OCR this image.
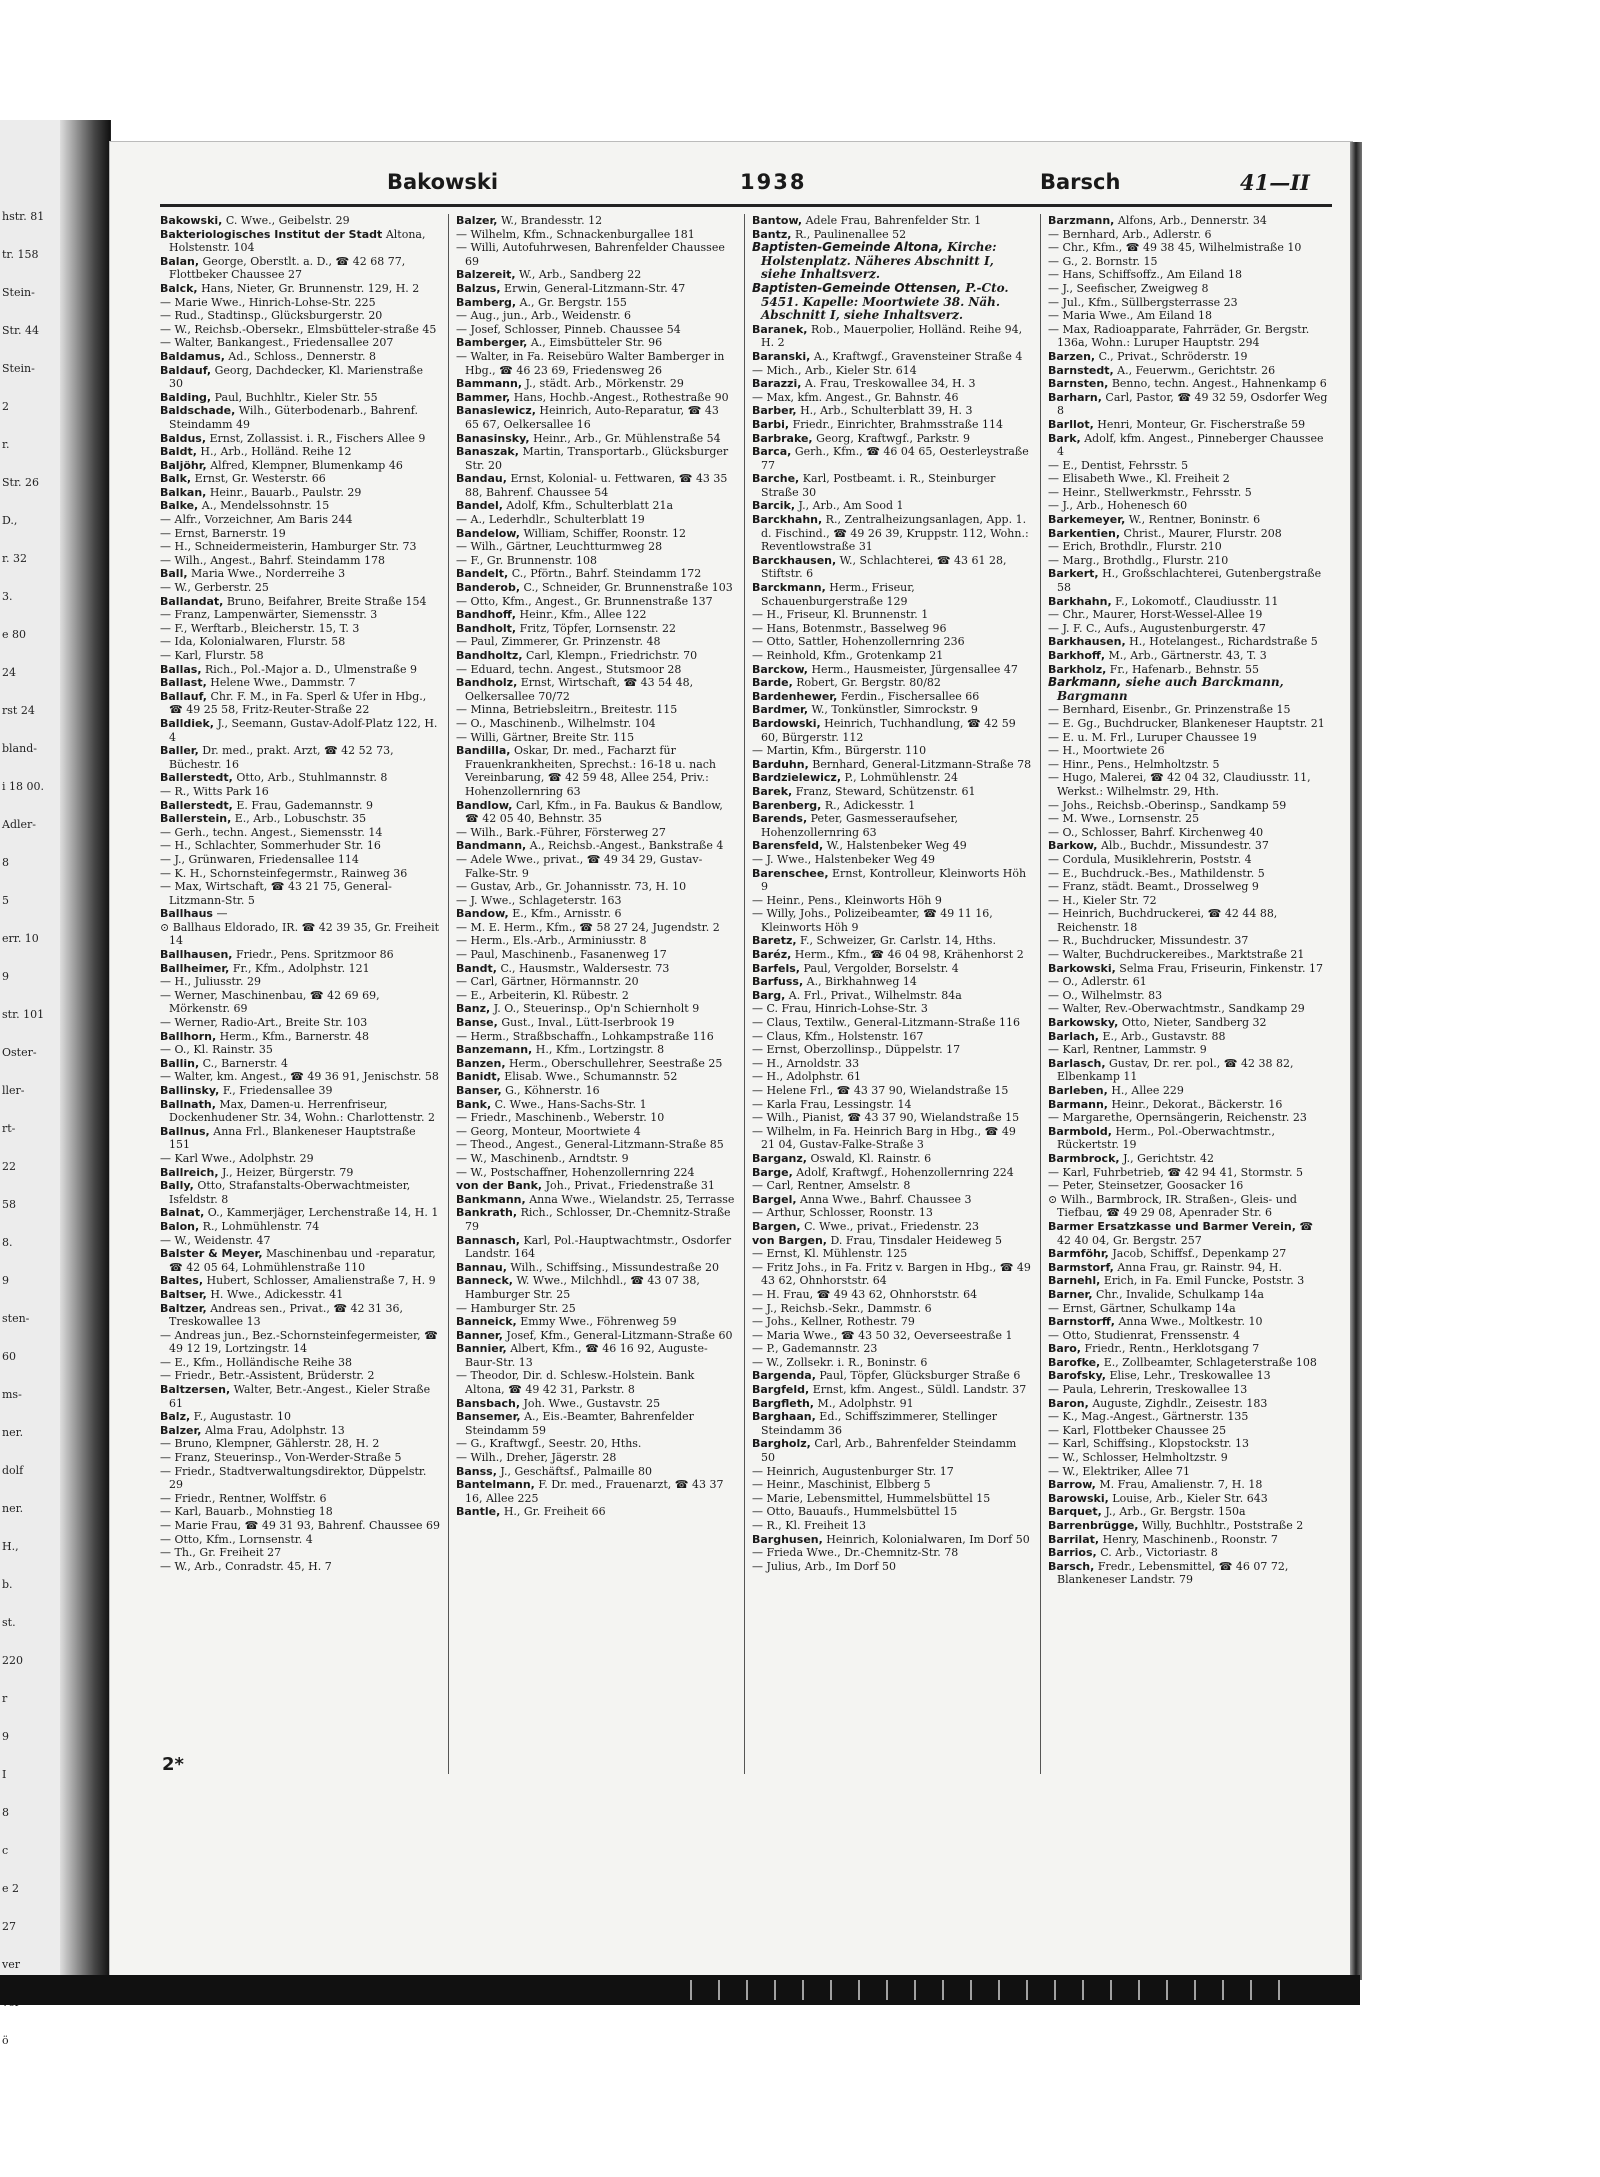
hstr. 81
tr. 158
Stein-
Str. 44
Stein-
2
r.
Str. 26
D.,
r. 32
3.
e 80
24
rst 24
bland-
i 18 00.
Adler-
8
5
err. 10
9
str. 101
Oster-
ller-
rt-
22
58
8.
9
sten-
60
ms-
ner.
dolf
ner.
H.,
b.
st.
220
r
9
I
8
c
e 2
27
ver
ö
Bakowski	1938	Barsch	41—II

Bakowski, C. Wwe., Geibelstr. 29

Bakteriologisches Institut der Stadt Altona, Holstenstr. 104

Balan, George, Oberstlt. a. D., ☎ 42 68 77, Flottbeker Chaussee 27

Balck, Hans, Nieter, Gr. Brunnenstr. 129, H. 2

— Marie Wwe., Hinrich-Lohse-Str. 225

— Rud., Stadtinsp., Glücksburgerstr. 20

— W., Reichsb.-Obersekr., Elmsbütteler-straße 45

— Walter, Bankangest., Friedensallee 207

Baldamus, Ad., Schloss., Dennerstr. 8

Baldauf, Georg, Dachdecker, Kl. Marienstraße 30

Balding, Paul, Buchhltr., Kieler Str. 55

Baldschade, Wilh., Güterbodenarb., Bahrenf. Steindamm 49

Baldus, Ernst, Zollassist. i. R., Fischers Allee 9

Baldt, H., Arb., Holländ. Reihe 12

Baljöhr, Alfred, Klempner, Blumenkamp 46

Balk, Ernst, Gr. Westerstr. 66

Balkan, Heinr., Bauarb., Paulstr. 29

Balke, A., Mendelssohnstr. 15

— Alfr., Vorzeichner, Am Baris 244

— Ernst, Barnerstr. 19

— H., Schneidermeisterin, Hamburger Str. 73

— Wilh., Angest., Bahrf. Steindamm 178

Ball, Maria Wwe., Norderreihe 3

— W., Gerberstr. 25

Ballandat, Bruno, Beifahrer, Breite Straße 154

— Franz, Lampenwärter, Siemensstr. 3

— F., Werftarb., Bleicherstr. 15, T. 3

— Ida, Kolonialwaren, Flurstr. 58

— Karl, Flurstr. 58

Ballas, Rich., Pol.-Major a. D., Ulmenstraße 9

Ballast, Helene Wwe., Dammstr. 7

Ballauf, Chr. F. M., in Fa. Sperl & Ufer in Hbg., ☎ 49 25 58, Fritz-Reuter-Straße 22

Balldiek, J., Seemann, Gustav-Adolf-Platz 122, H. 4

Baller, Dr. med., prakt. Arzt, ☎ 42 52 73, Büchestr. 16

Ballerstedt, Otto, Arb., Stuhlmannstr. 8

— R., Witts Park 16

Ballerstedt, E. Frau, Gademannstr. 9

Ballerstein, E., Arb., Lobuschstr. 35

— Gerh., techn. Angest., Siemensstr. 14

— H., Schlachter, Sommerhuder Str. 16

— J., Grünwaren, Friedensallee 114

— K. H., Schornsteinfegermstr., Rainweg 36

— Max, Wirtschaft, ☎ 43 21 75, General-Litzmann-Str. 5

Ballhaus —

⊙ Ballhaus Eldorado, IR. ☎ 42 39 35, Gr. Freiheit 14

Ballhausen, Friedr., Pens. Spritzmoor 86

Ballheimer, Fr., Kfm., Adolphstr. 121

— H., Juliusstr. 29

— Werner, Maschinenbau, ☎ 42 69 69, Mörkenstr. 69

— Werner, Radio-Art., Breite Str. 103

Ballhorn, Herm., Kfm., Barnerstr. 48

— O., Kl. Rainstr. 35

Ballin, C., Barnerstr. 4

— Walter, km. Angest., ☎ 49 36 91, Jenischstr. 58

Ballinsky, F., Friedensallee 39

Ballnath, Max, Damen-u. Herrenfriseur, Dockenhudener Str. 34, Wohn.: Charlottenstr. 2

Ballnus, Anna Frl., Blankeneser Hauptstraße 151

— Karl Wwe., Adolphstr. 29

Ballreich, J., Heizer, Bürgerstr. 79

Bally, Otto, Strafanstalts-Oberwachtmeister, Isfeldstr. 8

Balnat, O., Kammerjäger, Lerchenstraße 14, H. 1

Balon, R., Lohmühlenstr. 74

— W., Weidenstr. 47

Balster & Meyer, Maschinenbau und -reparatur, ☎ 42 05 64, Lohmühlenstraße 110

Baltes, Hubert, Schlosser, Amalienstraße 7, H. 9

Baltser, H. Wwe., Adickesstr. 41

Baltzer, Andreas sen., Privat., ☎ 42 31 36, Treskowallee 13

— Andreas jun., Bez.-Schornsteinfegermeister, ☎ 49 12 19, Lortzingstr. 14

— E., Kfm., Holländische Reihe 38

— Friedr., Betr.-Assistent, Brüderstr. 2

Baltzersen, Walter, Betr.-Angest., Kieler Straße 61

Balz, F., Augustastr. 10

Balzer, Alma Frau, Adolphstr. 13

— Bruno, Klempner, Gählerstr. 28, H. 2

— Franz, Steuerinsp., Von-Werder-Straße 5

— Friedr., Stadtverwaltungsdirektor, Düppelstr. 29

— Friedr., Rentner, Wolffstr. 6

— Karl, Bauarb., Mohnstieg 18

— Marie Frau, ☎ 49 31 93, Bahrenf. Chaussee 69

— Otto, Kfm., Lornsenstr. 4

— Th., Gr. Freiheit 27

— W., Arb., Conradstr. 45, H. 7

Balzer, W., Brandesstr. 12

— Wilhelm, Kfm., Schnackenburgallee 181

— Willi, Autofuhrwesen, Bahrenfelder Chaussee 69

Balzereit, W., Arb., Sandberg 22

Balzus, Erwin, General-Litzmann-Str. 47

Bamberg, A., Gr. Bergstr. 155

— Aug., jun., Arb., Weidenstr. 6

— Josef, Schlosser, Pinneb. Chaussee 54

Bamberger, A., Eimsbütteler Str. 96

— Walter, in Fa. Reisebüro Walter Bamberger in Hbg., ☎ 46 23 69, Friedensweg 26

Bammann, J., städt. Arb., Mörkenstr. 29

Bammer, Hans, Hochb.-Angest., Rothestraße 90

Banaslewicz, Heinrich, Auto-Reparatur, ☎ 43 65 67, Oelkersallee 16

Banasinsky, Heinr., Arb., Gr. Mühlenstraße 54

Banaszak, Martin, Transportarb., Glücksburger Str. 20

Bandau, Ernst, Kolonial- u. Fettwaren, ☎ 43 35 88, Bahrenf. Chaussee 54

Bandel, Adolf, Kfm., Schulterblatt 21a

— A., Lederhdlr., Schulterblatt 19

Bandelow, William, Schiffer, Roonstr. 12

— Wilh., Gärtner, Leuchtturmweg 28

— F., Gr. Brunnenstr. 108

Bandelt, C., Pförtn., Bahrf. Steindamm 172

Banderob, C., Schneider, Gr. Brunnenstraße 103

— Otto, Kfm., Angest., Gr. Brunnenstraße 137

Bandhoff, Heinr., Kfm., Allee 122

Bandholt, Fritz, Töpfer, Lornsenstr. 22

— Paul, Zimmerer, Gr. Prinzenstr. 48

Bandholtz, Carl, Klempn., Friedrichstr. 70

— Eduard, techn. Angest., Stutsmoor 28

Bandholz, Ernst, Wirtschaft, ☎ 43 54 48, Oelkersallee 70/72

— Minna, Betriebsleitrn., Breitestr. 115

— O., Maschinenb., Wilhelmstr. 104

— Willi, Gärtner, Breite Str. 115

Bandilla, Oskar, Dr. med., Facharzt für Frauenkrankheiten, Sprechst.: 16-18 u. nach Vereinbarung, ☎ 42 59 48, Allee 254, Priv.: Hohenzollernring 63

Bandlow, Carl, Kfm., in Fa. Baukus & Bandlow, ☎ 42 05 40, Behnstr. 35

— Wilh., Bark.-Führer, Försterweg 27

Bandmann, A., Reichsb.-Angest., Bankstraße 4

— Adele Wwe., privat., ☎ 49 34 29, Gustav-Falke-Str. 9

— Gustav, Arb., Gr. Johannisstr. 73, H. 10

— J. Wwe., Schlageterstr. 163

Bandow, E., Kfm., Arnisstr. 6

— M. E. Herm., Kfm., ☎ 58 27 24, Jugendstr. 2

— Herm., Els.-Arb., Arminiusstr. 8

— Paul, Maschinenb., Fasanenweg 17

Bandt, C., Hausmstr., Waldersestr. 73

— Carl, Gärtner, Hörmannstr. 20

— E., Arbeiterin, Kl. Rübestr. 2

Banz, J. O., Steuerinsp., Op'n Schiernholt 9

Banse, Gust., Inval., Lütt-Iserbrook 19

— Herm., Straßbschaffn., Lohkampstraße 116

Banzemann, H., Kfm., Lortzingstr. 8

Banzen, Herm., Oberschullehrer, Seestraße 25

Banidt, Elisab. Wwe., Schumannstr. 52

Banser, G., Köhnerstr. 16

Bank, C. Wwe., Hans-Sachs-Str. 1

— Friedr., Maschinenb., Weberstr. 10

— Georg, Monteur, Moortwiete 4

— Theod., Angest., General-Litzmann-Straße 85

— W., Maschinenb., Arndtstr. 9

— W., Postschaffner, Hohenzollernring 224

von der Bank, Joh., Privat., Friedenstraße 31

Bankmann, Anna Wwe., Wielandstr. 25, Terrasse

Bankrath, Rich., Schlosser, Dr.-Chemnitz-Straße 79

Bannasch, Karl, Pol.-Hauptwachtmstr., Osdorfer Landstr. 164

Bannau, Wilh., Schiffsing., Missundestraße 20

Banneck, W. Wwe., Milchhdl., ☎ 43 07 38, Hamburger Str. 25

— Hamburger Str. 25

Banneick, Emmy Wwe., Föhrenweg 59

Banner, Josef, Kfm., General-Litzmann-Straße 60

Bannier, Albert, Kfm., ☎ 46 16 92, Auguste-Baur-Str. 13

— Theodor, Dir. d. Schlesw.-Holstein. Bank Altona, ☎ 49 42 31, Parkstr. 8

Bansbach, Joh. Wwe., Gustavstr. 25

Bansemer, A., Eis.-Beamter, Bahrenfelder Steindamm 59

— G., Kraftwgf., Seestr. 20, Hths.

— Wilh., Dreher, Jägerstr. 28

Banss, J., Geschäftsf., Palmaille 80

Bantelmann, F. Dr. med., Frauenarzt, ☎ 43 37 16, Allee 225

Bantle, H., Gr. Freiheit 66

Bantow, Adele Frau, Bahrenfelder Str. 1

Bantz, R., Paulinenallee 52

Baptisten-Gemeinde Altona, Kirche: Holstenplatz. Näheres Abschnitt I, siehe Inhaltsverz.

Baptisten-Gemeinde Ottensen, P.-Cto. 5451. Kapelle: Moortwiete 38. Näh. Abschnitt I, siehe Inhaltsverz.

Baranek, Rob., Mauerpolier, Holländ. Reihe 94, H. 2

Baranski, A., Kraftwgf., Gravensteiner Straße 4

— Mich., Arb., Kieler Str. 614

Barazzi, A. Frau, Treskowallee 34, H. 3

— Max, kfm. Angest., Gr. Bahnstr. 46

Barber, H., Arb., Schulterblatt 39, H. 3

Barbi, Friedr., Einrichter, Brahmsstraße 114

Barbrake, Georg, Kraftwgf., Parkstr. 9

Barca, Gerh., Kfm., ☎ 46 04 65, Oesterleystraße 77

Barche, Karl, Postbeamt. i. R., Steinburger Straße 30

Barcik, J., Arb., Am Sood 1

Barckhahn, R., Zentralheizungsanlagen, App. 1. d. Fischind., ☎ 49 26 39, Kruppstr. 112, Wohn.: Reventlowstraße 31

Barckhausen, W., Schlachterei, ☎ 43 61 28, Stiftstr. 6

Barckmann, Herm., Friseur, Schauenburgerstraße 129

— H., Friseur, Kl. Brunnenstr. 1

— Hans, Botenmstr., Basselweg 96

— Otto, Sattler, Hohenzollernring 236

— Reinhold, Kfm., Grotenkamp 21

Barckow, Herm., Hausmeister, Jürgensallee 47

Barde, Robert, Gr. Bergstr. 80/82

Bardenhewer, Ferdin., Fischersallee 66

Bardmer, W., Tonkünstler, Simrockstr. 9

Bardowski, Heinrich, Tuchhandlung, ☎ 42 59 60, Bürgerstr. 112

— Martin, Kfm., Bürgerstr. 110

Barduhn, Bernhard, General-Litzmann-Straße 78

Bardzielewicz, P., Lohmühlenstr. 24

Barek, Franz, Steward, Schützenstr. 61

Barenberg, R., Adickesstr. 1

Barends, Peter, Gasmesseraufseher, Hohenzollernring 63

Barensfeld, W., Halstenbeker Weg 49

— J. Wwe., Halstenbeker Weg 49

Barenschee, Ernst, Kontrolleur, Kleinworts Höh 9

— Heinr., Pens., Kleinworts Höh 9

— Willy, Johs., Polizeibeamter, ☎ 49 11 16, Kleinworts Höh 9

Baretz, F., Schweizer, Gr. Carlstr. 14, Hths.

Baréz, Herm., Kfm., ☎ 46 04 98, Krähenhorst 2

Barfels, Paul, Vergolder, Borselstr. 4

Barfuss, A., Birkhahnweg 14

Barg, A. Frl., Privat., Wilhelmstr. 84a

— C. Frau, Hinrich-Lohse-Str. 3

— Claus, Textilw., General-Litzmann-Straße 116

— Claus, Kfm., Holstenstr. 167

— Ernst, Oberzollinsp., Düppelstr. 17

— H., Arnoldstr. 33

— H., Adolphstr. 61

— Helene Frl., ☎ 43 37 90, Wielandstraße 15

— Karla Frau, Lessingstr. 14

— Wilh., Pianist, ☎ 43 37 90, Wielandstraße 15

— Wilhelm, in Fa. Heinrich Barg in Hbg., ☎ 49 21 04, Gustav-Falke-Straße 3

Barganz, Oswald, Kl. Rainstr. 6

Barge, Adolf, Kraftwgf., Hohenzollernring 224

— Carl, Rentner, Amselstr. 8

Bargel, Anna Wwe., Bahrf. Chaussee 3

— Arthur, Schlosser, Roonstr. 13

Bargen, C. Wwe., privat., Friedenstr. 23

von Bargen, D. Frau, Tinsdaler Heideweg 5

— Ernst, Kl. Mühlenstr. 125

— Fritz Johs., in Fa. Fritz v. Bargen in Hbg., ☎ 49 43 62, Ohnhorststr. 64

— H. Frau, ☎ 49 43 62, Ohnhorststr. 64

— J., Reichsb.-Sekr., Dammstr. 6

— Johs., Kellner, Rothestr. 79

— Maria Wwe., ☎ 43 50 32, Oeverseestraße 1

— P., Gademannstr. 23

— W., Zollsekr. i. R., Boninstr. 6

Bargenda, Paul, Töpfer, Glücksburger Straße 6

Bargfeld, Ernst, kfm. Angest., Süldl. Landstr. 37

Bargfleth, M., Adolphstr. 91

Barghaan, Ed., Schiffszimmerer, Stellinger Steindamm 36

Bargholz, Carl, Arb., Bahrenfelder Steindamm 50

— Heinrich, Augustenburger Str. 17

— Heinr., Maschinist, Elbberg 5

— Marie, Lebensmittel, Hummelsbüttel 15

— Otto, Bauaufs., Hummelsbüttel 15

— R., Kl. Freiheit 13

Barghusen, Heinrich, Kolonialwaren, Im Dorf 50

— Frieda Wwe., Dr.-Chemnitz-Str. 78

— Julius, Arb., Im Dorf 50

Barzmann, Alfons, Arb., Dennerstr. 34

— Bernhard, Arb., Adlerstr. 6

— Chr., Kfm., ☎ 49 38 45, Wilhelmistraße 10

— G., 2. Bornstr. 15

— Hans, Schiffsoffz., Am Eiland 18

— J., Seefischer, Zweigweg 8

— Jul., Kfm., Süllbergsterrasse 23

— Maria Wwe., Am Eiland 18

— Max, Radioapparate, Fahrräder, Gr. Bergstr. 136a, Wohn.: Luruper Hauptstr. 294

Barzen, C., Privat., Schröderstr. 19

Barnstedt, A., Feuerwm., Gerichtstr. 26

Barnsten, Benno, techn. Angest., Hahnenkamp 6

Barharn, Carl, Pastor, ☎ 49 32 59, Osdorfer Weg 8

Barllot, Henri, Monteur, Gr. Fischerstraße 59

Bark, Adolf, kfm. Angest., Pinneberger Chaussee 4

— E., Dentist, Fehrsstr. 5

— Elisabeth Wwe., Kl. Freiheit 2

— Heinr., Stellwerkmstr., Fehrsstr. 5

— J., Arb., Hohenesch 60

Barkemeyer, W., Rentner, Boninstr. 6

Barkentien, Christ., Maurer, Flurstr. 208

— Erich, Brothdlr., Flurstr. 210

— Marg., Brothdlg., Flurstr. 210

Barkert, H., Großschlachterei, Gutenbergstraße 58

Barkhahn, F., Lokomotf., Claudiusstr. 11

— Chr., Maurer, Horst-Wessel-Allee 19

— J. F. C., Aufs., Augustenburgerstr. 47

Barkhausen, H., Hotelangest., Richardstraße 5

Barkhoff, M., Arb., Gärtnerstr. 43, T. 3

Barkholz, Fr., Hafenarb., Behnstr. 55

Barkmann, siehe auch Barckmann, Bargmann

— Bernhard, Eisenbr., Gr. Prinzenstraße 15

— E. Gg., Buchdrucker, Blankeneser Hauptstr. 21

— E. u. M. Frl., Luruper Chaussee 19

— H., Moortwiete 26

— Hinr., Pens., Helmholtzstr. 5

— Hugo, Malerei, ☎ 42 04 32, Claudiusstr. 11, Werkst.: Wilhelmstr. 29, Hth.

— Johs., Reichsb.-Oberinsp., Sandkamp 59

— M. Wwe., Lornsenstr. 25

— O., Schlosser, Bahrf. Kirchenweg 40

Barkow, Alb., Buchdr., Missundestr. 37

— Cordula, Musiklehrerin, Poststr. 4

— E., Buchdruck.-Bes., Mathildenstr. 5

— Franz, städt. Beamt., Drosselweg 9

— H., Kieler Str. 72

— Heinrich, Buchdruckerei, ☎ 42 44 88, Reichenstr. 18

— R., Buchdrucker, Missundestr. 37

— Walter, Buchdruckereibes., Marktstraße 21

Barkowski, Selma Frau, Friseurin, Finkenstr. 17

— O., Adlerstr. 61

— O., Wilhelmstr. 83

— Walter, Rev.-Oberwachtmstr., Sandkamp 29

Barkowsky, Otto, Nieter, Sandberg 32

Barlach, E., Arb., Gustavstr. 88

— Karl, Rentner, Lammstr. 9

Barlasch, Gustav, Dr. rer. pol., ☎ 42 38 82, Elbenkamp 11

Barleben, H., Allee 229

Barmann, Heinr., Dekorat., Bäckerstr. 16

— Margarethe, Opernsängerin, Reichenstr. 23

Barmbold, Herm., Pol.-Oberwachtmstr., Rückertstr. 19

Barmbrock, J., Gerichtstr. 42

— Karl, Fuhrbetrieb, ☎ 42 94 41, Stormstr. 5

— Peter, Steinsetzer, Goosacker 16

⊙ Wilh., Barmbrock, IR. Straßen-, Gleis- und Tiefbau, ☎ 49 29 08, Apenrader Str. 6

Barmer Ersatzkasse und Barmer Verein, ☎ 42 40 04, Gr. Bergstr. 257

Barmföhr, Jacob, Schiffsf., Depenkamp 27

Barmstorf, Anna Frau, gr. Rainstr. 94, H.

Barnehl, Erich, in Fa. Emil Funcke, Poststr. 3

Barner, Chr., Invalide, Schulkamp 14a

— Ernst, Gärtner, Schulkamp 14a

Barnstorff, Anna Wwe., Moltkestr. 10

— Otto, Studienrat, Frenssenstr. 4

Baro, Friedr., Rentn., Herklotsgang 7

Barofke, E., Zollbeamter, Schlageterstraße 108

Barofsky, Elise, Lehr., Treskowallee 13

— Paula, Lehrerin, Treskowallee 13

Baron, Auguste, Zighdlr., Zeisestr. 183

— K., Mag.-Angest., Gärtnerstr. 135

— Karl, Flottbeker Chaussee 25

— Karl, Schiffsing., Klopstockstr. 13

— W., Schlosser, Helmholtzstr. 9

— W., Elektriker, Allee 71

Barrow, M. Frau, Amalienstr. 7, H. 18

Barowski, Louise, Arb., Kieler Str. 643

Barquet, J., Arb., Gr. Bergstr. 150a

Barrenbrügge, Willy, Buchhltr., Poststraße 2

Barrilat, Henry, Maschinenb., Roonstr. 7

Barrios, C. Arb., Victoriastr. 8

Barsch, Fredr., Lebensmittel, ☎ 46 07 72, Blankeneser Landstr. 79

2*
